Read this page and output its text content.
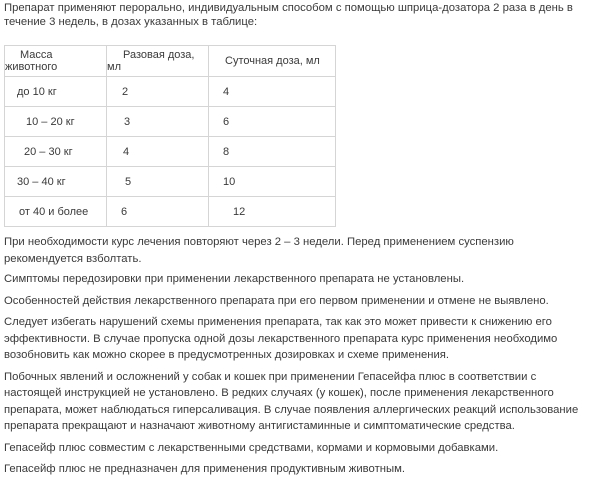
Препарат применяют перорально, индивидуальным способом с помощью шприца-дозатора 2 раза в день в течение 3 недель, в дозах указанных в таблице:

Масса животного	Разовая доза, мл	Суточная доза, мл
до 10 кг	2	4
10 – 20 кг	3	6
20 – 30 кг	4	8
30 – 40 кг	5	10
от 40 и более	6	12

При необходимости курс лечения повторяют через 2 – 3 недели. Перед применением суспензию рекомендуется взболтать.

Симптомы передозировки при применении лекарственного препарата не установлены.

Особенностей действия лекарственного препарата при его первом применении и отмене не выявлено.

Следует избегать нарушений схемы применения препарата, так как это может привести к снижению его эффективности. В случае пропуска одной дозы лекарственного препарата курс применения необходимо возобновить как можно скорее в предусмотренных дозировках и схеме применения.

Побочных явлений и осложнений у собак и кошек при применении Гепасейфа плюс в соответствии с настоящей инструкцией не установлено. В редких случаях (у кошек), после применения лекарственного препарата, может наблюдаться гиперсаливация. В случае появления аллергических реакций использование препарата прекращают и назначают животному антигистаминные и симптоматические средства.

Гепасейф плюс совместим с лекарственными средствами, кормами и кормовыми добавками.

Гепасейф плюс не предназначен для применения продуктивным животным.
